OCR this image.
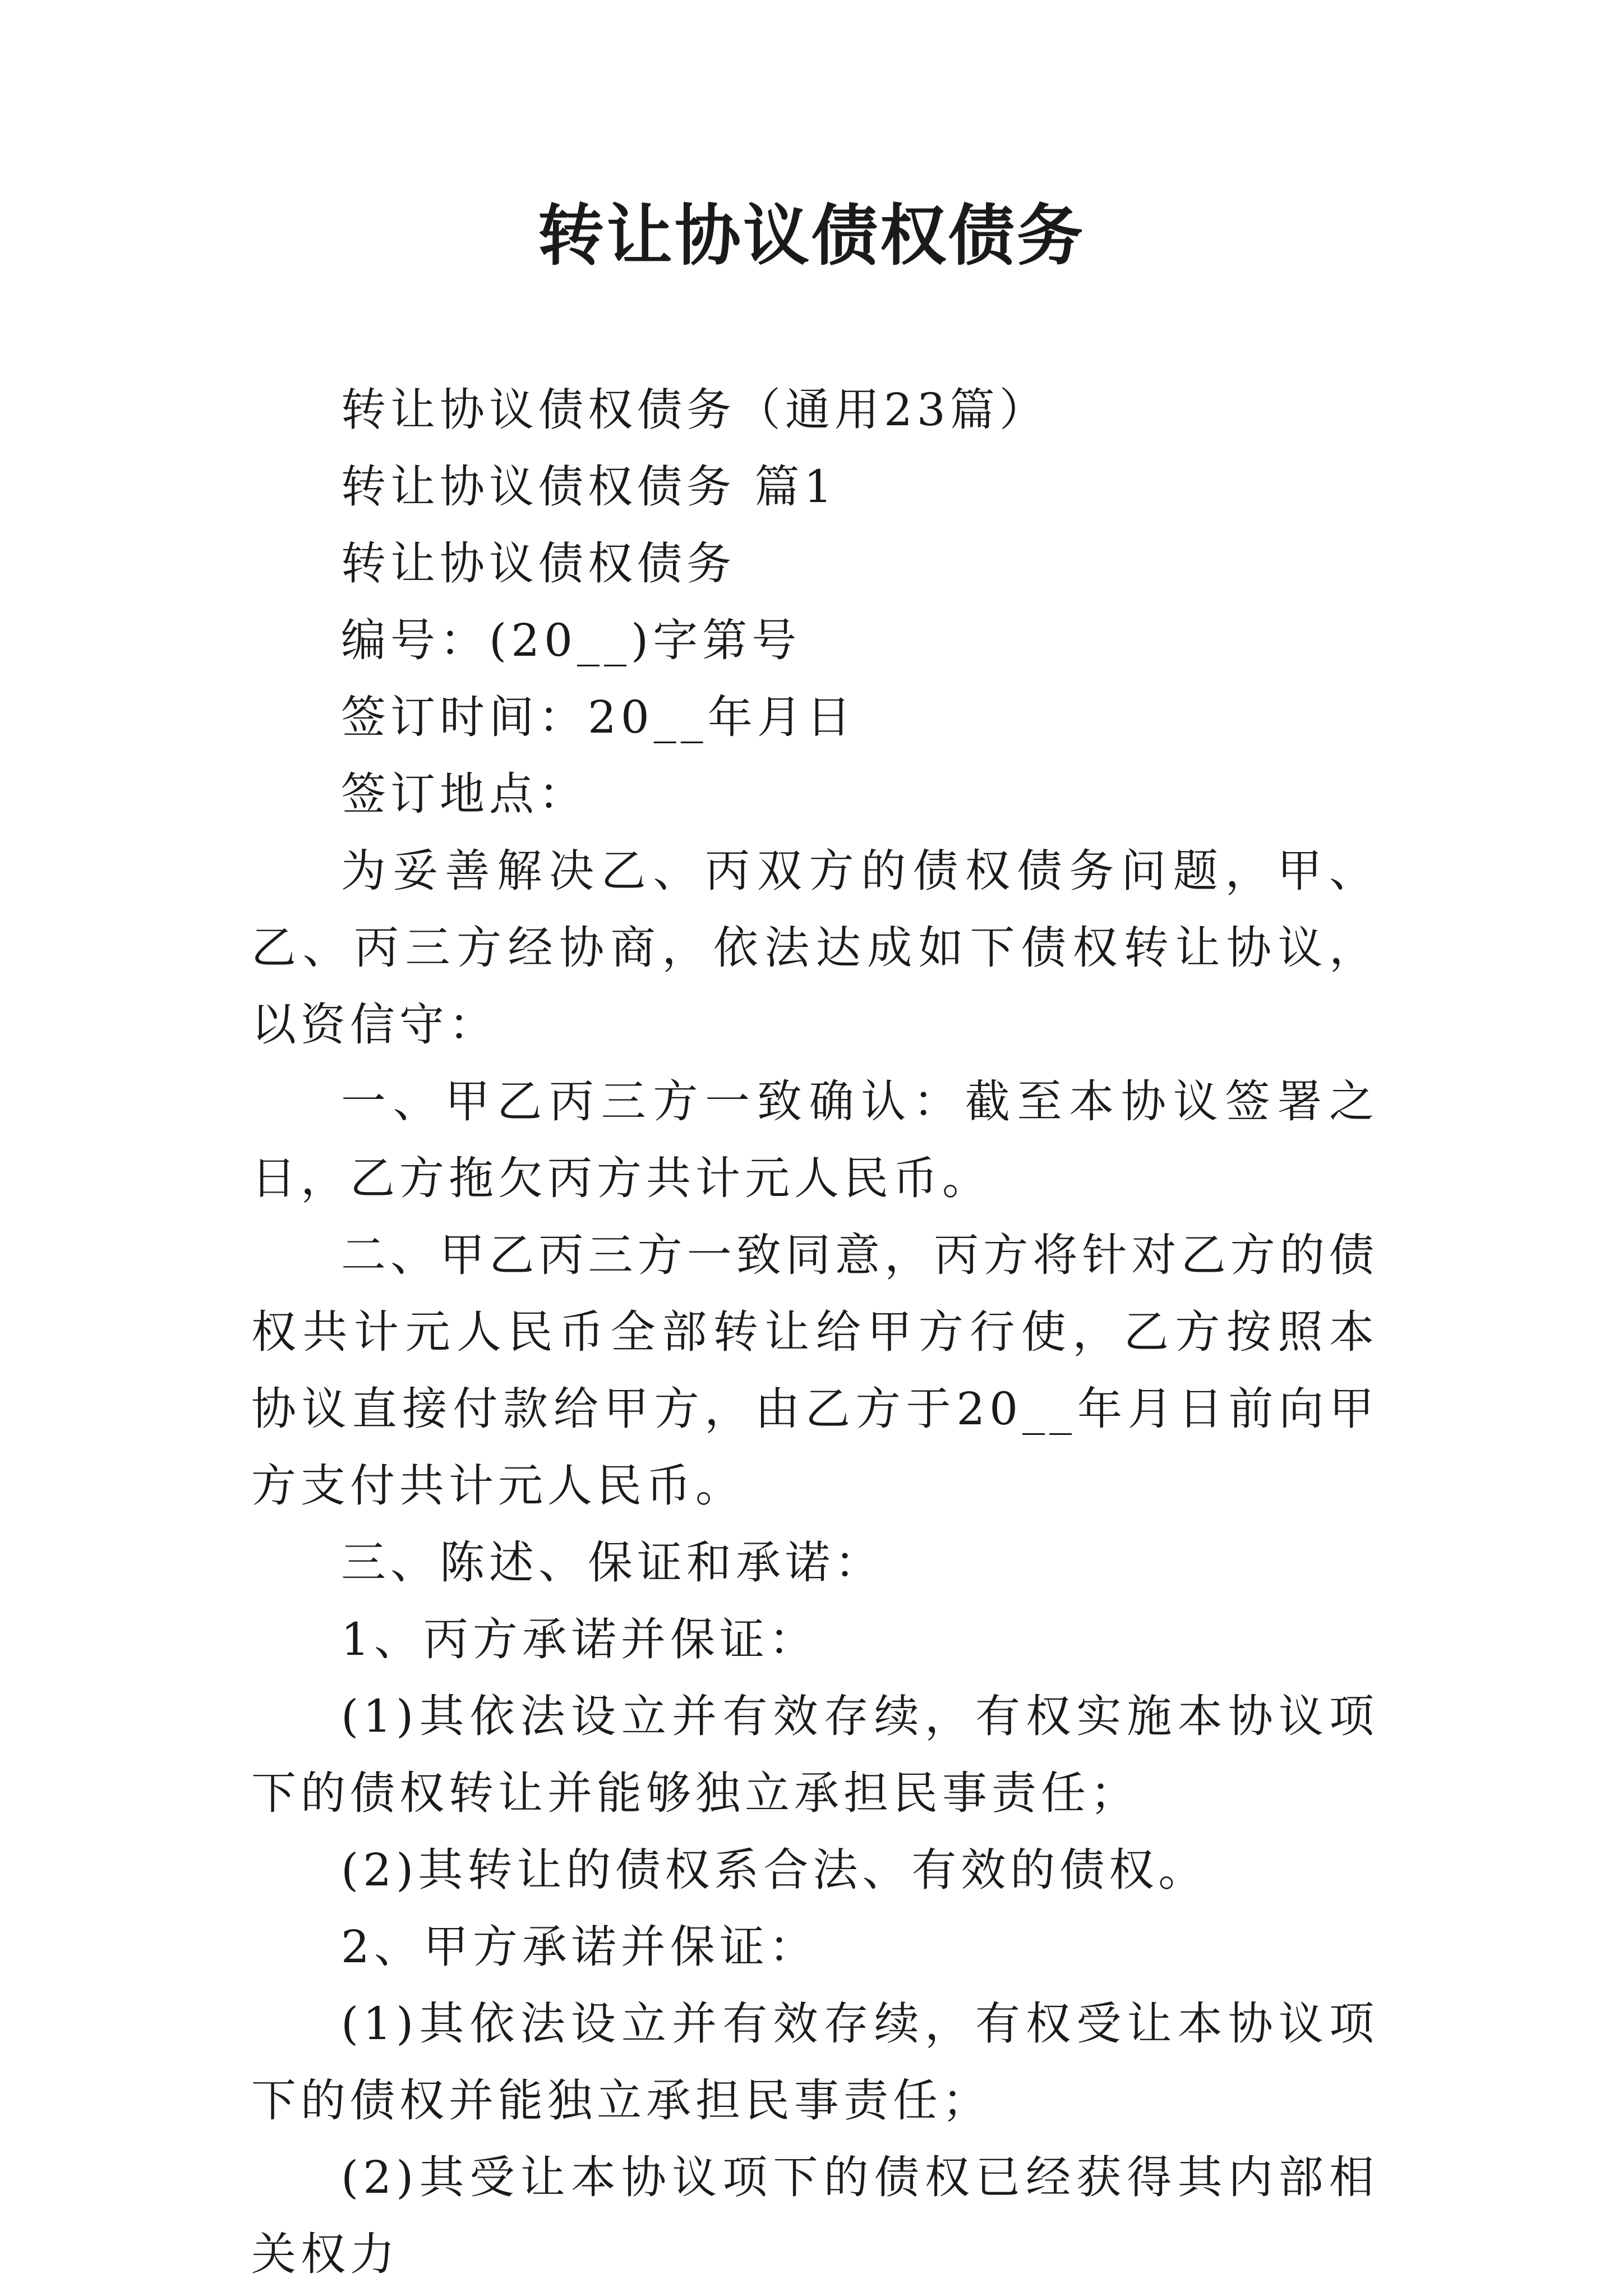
转让协议债权债务

转让协议债权债务（通用23篇）

转让协议债权债务 篇1

转让协议债权债务

编号：(20__)字第号

签订时间：20__年月日

签订地点：

为妥善解决乙、丙双方的债权债务问题，甲、乙、丙三方经协商，依法达成如下债权转让协议，以资信守：

一、甲乙丙三方一致确认：截至本协议签署之日，乙方拖欠丙方共计元人民币。

二、甲乙丙三方一致同意，丙方将针对乙方的债权共计元人民币全部转让给甲方行使，乙方按照本协议直接付款给甲方，由乙方于20__年月日前向甲方支付共计元人民币。

三、陈述、保证和承诺：

1、丙方承诺并保证：

(1)其依法设立并有效存续，有权实施本协议项下的债权转让并能够独立承担民事责任；

(2)其转让的债权系合法、有效的债权。

2、甲方承诺并保证：

(1)其依法设立并有效存续，有权受让本协议项下的债权并能独立承担民事责任；

(2)其受让本协议项下的债权已经获得其内部相关权力
